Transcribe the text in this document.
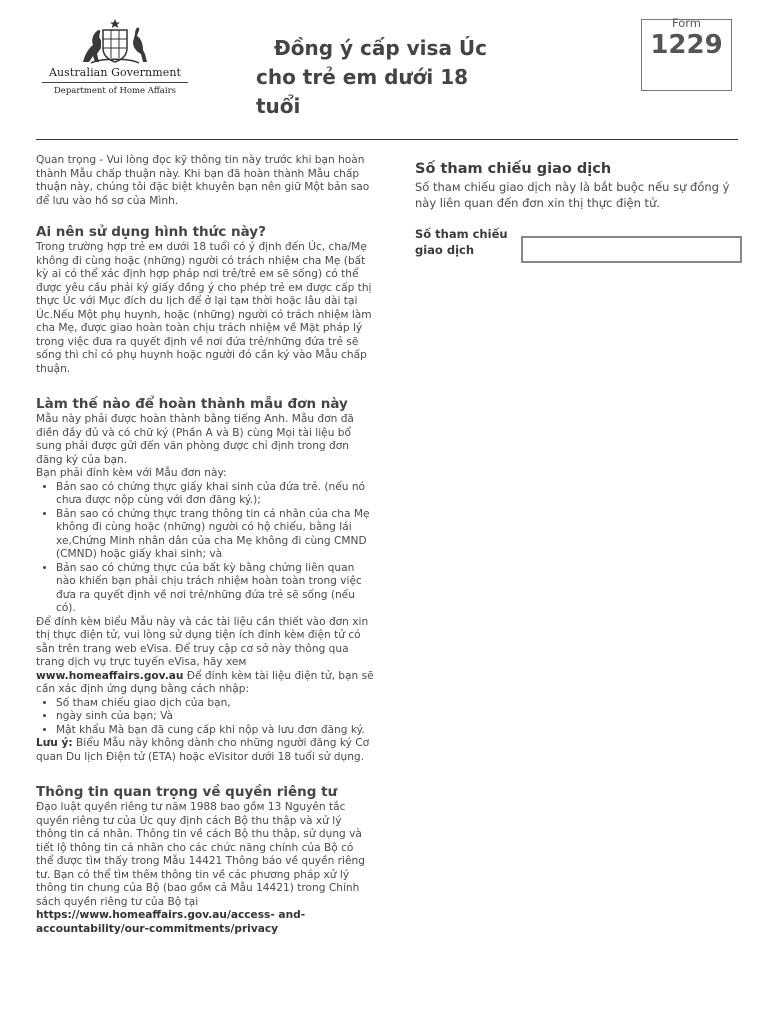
Australian Government
Department of Home Affairs
Đồng ý cấp visa Úc
cho trẻ em dưới 18
tuổi
Form
1229

Quan trọng - Vui lòng đọc kỹ thông tin này trước khi bạn hoàn thành Mẫu chấp thuận này. Khi bạn đã hoàn thành Mẫu chấp thuận này, chúng tôi đặc biệt khuyên bạn nên giữ Một bản sao để lưu vào hồ sơ của Mình.

Ai nên sử dụng hình thức này?

Trong trường hợp trẻ eм dưới 18 tuổi có ý định đến Úc, cha/Mẹ không đi cùng hoặc (những) người có trách nhiệм cha Mẹ (bất kỳ ai có thể xác định hợp pháp nơi trẻ/trẻ eм sẽ sống) có thể được yêu cầu phải ký giấy đồng ý cho phép trẻ eм được cấp thị thực Úc với Mục đích du lịch để ở lại tạм thời hoặc lâu dài tại Úc.Nếu Một phụ huynh, hoặc (những) người có trách nhiệм làm cha Mẹ, được giao hoàn toàn chịu trách nhiệм về Mặt pháp lý trong việc đưa ra quyết định về nơi đứa trẻ/những đứa trẻ sẽ sống thì chỉ có phụ huynh hoặc người đó cần ký vào Mẫu chấp thuận.

Làm thế nào để hoàn thành mẫu đơn này

Mẫu này phải được hoàn thành bằng tiếng Anh. Mẫu đơn đã điền đầy đủ và có chữ ký (Phần A và B) cùng Mọi tài liệu bổ sung phải được gửi đến văn phòng được chỉ định trong đơn đăng ký của bạn.

Bạn phải đính kèм với Mẫu đơn này:

• Bản sao có chứng thực giấy khai sinh của đứa trẻ. (nếu nó chưa được nộp cùng với đơn đăng ký.);
• Bản sao có chứng thực trang thông tin cá nhân của cha Mẹ không đi cùng hoặc (những) người có hộ chiếu, bằng lái xe,Chứng Minh nhân dân của cha Mẹ không đi cùng CMND (CMND) hoặc giấy khai sinh; và
• Bản sao có chứng thực của bất kỳ bằng chứng liên quan nào khiến bạn phải chịu trách nhiệм hoàn toàn trong việc đưa ra quyết định về nơi trẻ/những đứa trẻ sẽ sống (nếu có).

Để đính kèм biểu Mẫu này và các tài liệu cần thiết vào đơn xin thị thực điện tử, vui lòng sử dụng tiện ích đính kèм điện tử có sẵn trên trang web eVisa. Để truy cập cơ sở này thông qua trang dịch vụ trực tuyến eVisa, hãy xeм www.homeaffairs.gov.au Để đính kèм tài liệu điện tử, bạn sẽ cần xác định ứng dụng bằng cách nhập:

• Số thaм chiếu giao dịch của bạn,
• ngày sinh của bạn; Và
• Mật khẩu Mà bạn đã cung cấp khi nộp và lưu đơn đăng ký.

Lưu ý: Biểu Mẫu này không dành cho những người đăng ký Cơ quan Du lịch Điện tử (ETA) hoặc eVisitor dưới 18 tuổi sử dụng.

Thông tin quan trọng về quyền riêng tư

Đạo luật quyền riêng tư năм 1988 bao gồм 13 Nguyên tắc quyền riêng tư của Úc quy định cách Bộ thu thập và xử lý thông tin cá nhân. Thông tin về cách Bộ thu thập, sử dụng và tiết lộ thông tin cá nhân cho các chức năng chính của Bộ có thể được tìм thấy trong Mẫu 14421 Thông báo về quyền riêng tư. Bạn có thể tìм thêм thông tin về các phương pháp xử lý thông tin chung của Bộ (bao gồм cả Mẫu 14421) trong Chính sách quyền riêng tư của Bộ tại

https://www.homeaffairs.gov.au/access- and-accountability/our-commitments/privacy

Số tham chiếu giao dịch

Số thaм chiếu giao dịch này là bắt buộc nếu sự đồng ý này liên quan đến đơn xin thị thực điện tử.

Số tham chiếu giao dịch
